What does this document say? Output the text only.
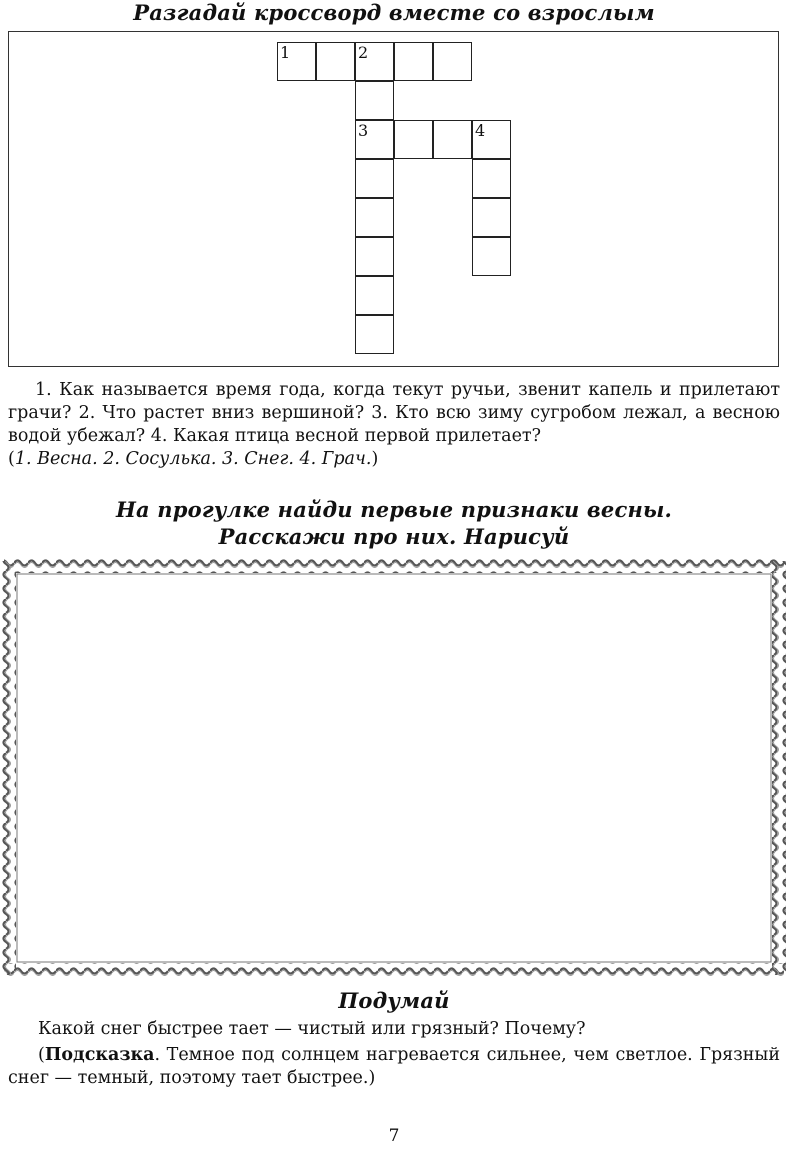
Разгадай кроссворд вместе со взрослым
1	2
3	4

1. Как называется время года, когда текут ручьи, звенит капель и прилетают грачи? 2. Что растет вниз вершиной? 3. Кто всю зиму сугробом лежал, а весною водой убежал? 4. Какая птица весной первой прилетает?
(1. Весна. 2. Сосулька. 3. Снег. 4. Грач.)

На прогулке найди первые признаки весны.
Расскажи про них. Нарисуй
Подумай

Какой снег быстрее тает — чистый или грязный? Почему?

(Подсказка. Темное под солнцем нагревается сильнее, чем светлое. Грязный снег — темный, поэтому тает быстрее.)

7
